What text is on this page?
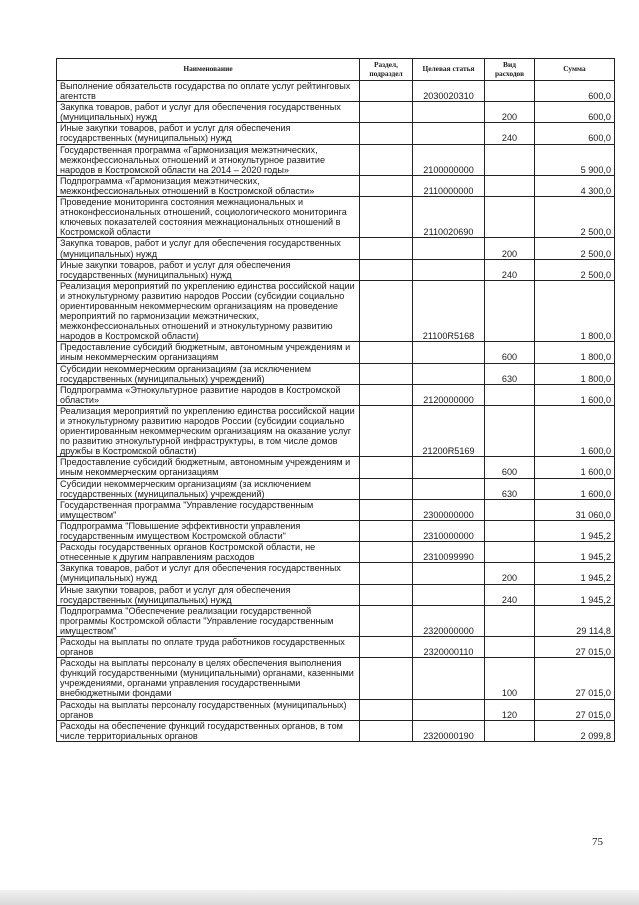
Наименование	Раздел, подраздел	Целевая статья	Вид расходов	Сумма
Выполнение обязательств государства по оплате услуг рейтинговых агентств		2030020310		600,0
Закупка товаров, работ и услуг для обеспечения государственных (муниципальных) нужд			200	600,0
Иные закупки товаров, работ и услуг для обеспечения государственных (муниципальных) нужд			240	600,0
Государственная программа «Гармонизация межэтнических, межконфессиональных отношений и этнокультурное развитие народов в Костромской области на 2014 – 2020 годы»		2100000000		5 900,0
Подпрограмма «Гармонизация межэтнических, межконфессиональных отношений в Костромской области»		2110000000		4 300,0
Проведение мониторинга состояния межнациональных и этноконфессиональных отношений, социологического мониторинга ключевых показателей состояния межнациональных отношений в Костромской области		2110020690		2 500,0
Закупка товаров, работ и услуг для обеспечения государственных (муниципальных) нужд			200	2 500,0
Иные закупки товаров, работ и услуг для обеспечения государственных (муниципальных) нужд			240	2 500,0
Реализация мероприятий по укреплению единства российской нации и этнокультурному развитию народов России (субсидии социально ориентированным некоммерческим организациям на проведение мероприятий по гармонизации межэтнических, межконфессиональных отношений и этнокультурному развитию народов в Костромской области)		21100R5168		1 800,0
Предоставление субсидий бюджетным, автономным учреждениям и иным некоммерческим организациям			600	1 800,0
Субсидии некоммерческим организациям (за исключением государственных (муниципальных) учреждений)			630	1 800,0
Подпрограмма «Этнокультурное развитие народов в Костромской области»		2120000000		1 600,0
Реализация мероприятий по укреплению единства российской нации и этнокультурному развитию народов России (субсидии социально ориентированным некоммерческим организациям на оказание услуг по развитию этнокультурной инфраструктуры, в том числе домов дружбы в Костромской области)		21200R5169		1 600,0
Предоставление субсидий бюджетным, автономным учреждениям и иным некоммерческим организациям			600	1 600,0
Субсидии некоммерческим организациям (за исключением государственных (муниципальных) учреждений)			630	1 600,0
Государственная программа "Управление государственным имуществом"		2300000000		31 060,0
Подпрограмма "Повышение эффективности управления государственным имуществом Костромской области"		2310000000		1 945,2
Расходы государственных органов Костромской области, не отнесенные к другим направлениям расходов		2310099990		1 945,2
Закупка товаров, работ и услуг для обеспечения государственных (муниципальных) нужд			200	1 945,2
Иные закупки товаров, работ и услуг для обеспечения государственных (муниципальных) нужд			240	1 945,2
Подпрограмма "Обеспечение реализации государственной программы Костромской области "Управление государственным имуществом"		2320000000		29 114,8
Расходы на выплаты по оплате труда работников государственных органов		2320000110		27 015,0
Расходы на выплаты персоналу в целях обеспечения выполнения функций государственными (муниципальными) органами, казенными учреждениями, органами управления государственными внебюджетными фондами			100	27 015,0
Расходы на выплаты персоналу государственных (муниципальных) органов			120	27 015,0
Расходы на обеспечение функций государственных органов, в том числе территориальных органов		2320000190		2 099,8
75
